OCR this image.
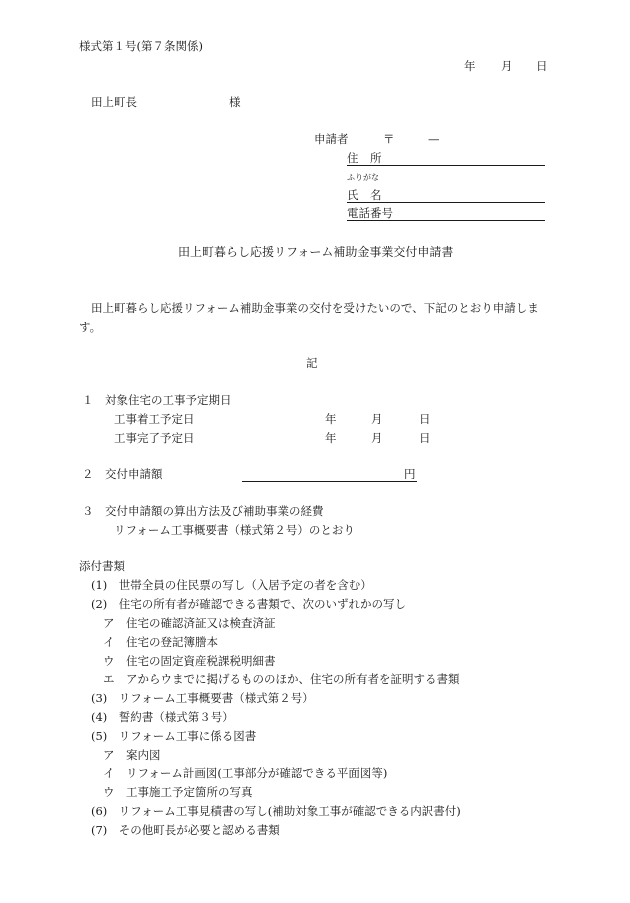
様式第１号(第７条関係)
年 月 日
田上町長	様
申請者	〒	—
住　所
ふりがな
氏　名
電話番号
田上町暮らし応援リフォーム補助金事業交付申請書
田上町暮らし応援リフォーム補助金事業の交付を受けたいので、下記のとおり申請しま
す。
記
１　対象住宅の工事予定期日
工事着工予定日	年	月	日
工事完了予定日	年	月	日
２　交付申請額	円
３　交付申請額の算出方法及び補助事業の経費
リフォーム工事概要書（様式第２号）のとおり
添付書類
(1)　世帯全員の住民票の写し（入居予定の者を含む）
(2)　住宅の所有者が確認できる書類で、次のいずれかの写し
ア　住宅の確認済証又は検査済証
イ　住宅の登記簿謄本
ウ　住宅の固定資産税課税明細書
エ　アからウまでに掲げるもののほか、住宅の所有者を証明する書類
(3)　リフォーム工事概要書（様式第２号）
(4)　誓約書（様式第３号）
(5)　リフォーム工事に係る図書
ア　案内図
イ　リフォーム計画図(工事部分が確認できる平面図等)
ウ　工事施工予定箇所の写真
(6)　リフォーム工事見積書の写し(補助対象工事が確認できる内訳書付)
(7)　その他町長が必要と認める書類
